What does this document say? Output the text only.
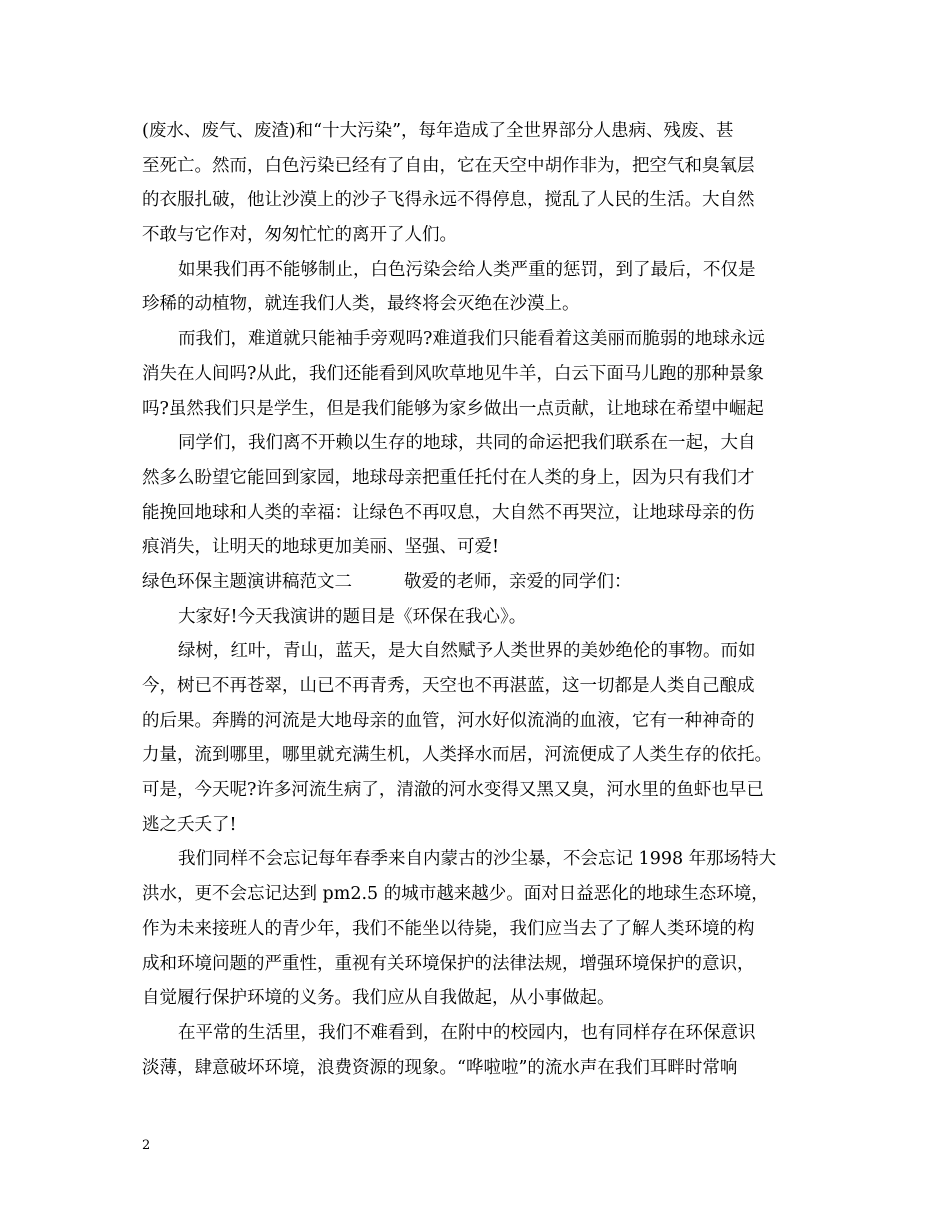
(废水、废气、废渣)和“十大污染”，每年造成了全世界部分人患病、残废、甚
至死亡。然而，白色污染已经有了自由，它在天空中胡作非为，把空气和臭氧层
的衣服扎破，他让沙漠上的沙子飞得永远不得停息，搅乱了人民的生活。大自然
不敢与它作对，匆匆忙忙的离开了人们。
如果我们再不能够制止，白色污染会给人类严重的惩罚，到了最后，不仅是
珍稀的动植物，就连我们人类，最终将会灭绝在沙漠上。
而我们，难道就只能袖手旁观吗?难道我们只能看着这美丽而脆弱的地球永远
消失在人间吗?从此，我们还能看到风吹草地见牛羊，白云下面马儿跑的那种景象
吗?虽然我们只是学生，但是我们能够为家乡做出一点贡献，让地球在希望中崛起
同学们，我们离不开赖以生存的地球，共同的命运把我们联系在一起，大自
然多么盼望它能回到家园，地球母亲把重任托付在人类的身上，因为只有我们才
能挽回地球和人类的幸福：让绿色不再叹息，大自然不再哭泣，让地球母亲的伤
痕消失，让明天的地球更加美丽、坚强、可爱!
绿色环保主题演讲稿范文二	敬爱的老师，亲爱的同学们：
大家好!今天我演讲的题目是《环保在我心》。
绿树，红叶，青山，蓝天，是大自然赋予人类世界的美妙绝伦的事物。而如
今，树已不再苍翠，山已不再青秀，天空也不再湛蓝，这一切都是人类自己酿成
的后果。奔腾的河流是大地母亲的血管，河水好似流淌的血液，它有一种神奇的
力量，流到哪里，哪里就充满生机，人类择水而居，河流便成了人类生存的依托。
可是，今天呢?许多河流生病了，清澈的河水变得又黑又臭，河水里的鱼虾也早已
逃之夭夭了!
我们同样不会忘记每年春季来自内蒙古的沙尘暴，不会忘记 1998 年那场特大
洪水，更不会忘记达到 pm2.5 的城市越来越少。面对日益恶化的地球生态环境，
作为未来接班人的青少年，我们不能坐以待毙，我们应当去了了解人类环境的构
成和环境问题的严重性，重视有关环境保护的法律法规，增强环境保护的意识，
自觉履行保护环境的义务。我们应从自我做起，从小事做起。
在平常的生活里，我们不难看到，在附中的校园内，也有同样存在环保意识
淡薄，肆意破坏环境，浪费资源的现象。“哗啦啦”的流水声在我们耳畔时常响
2
